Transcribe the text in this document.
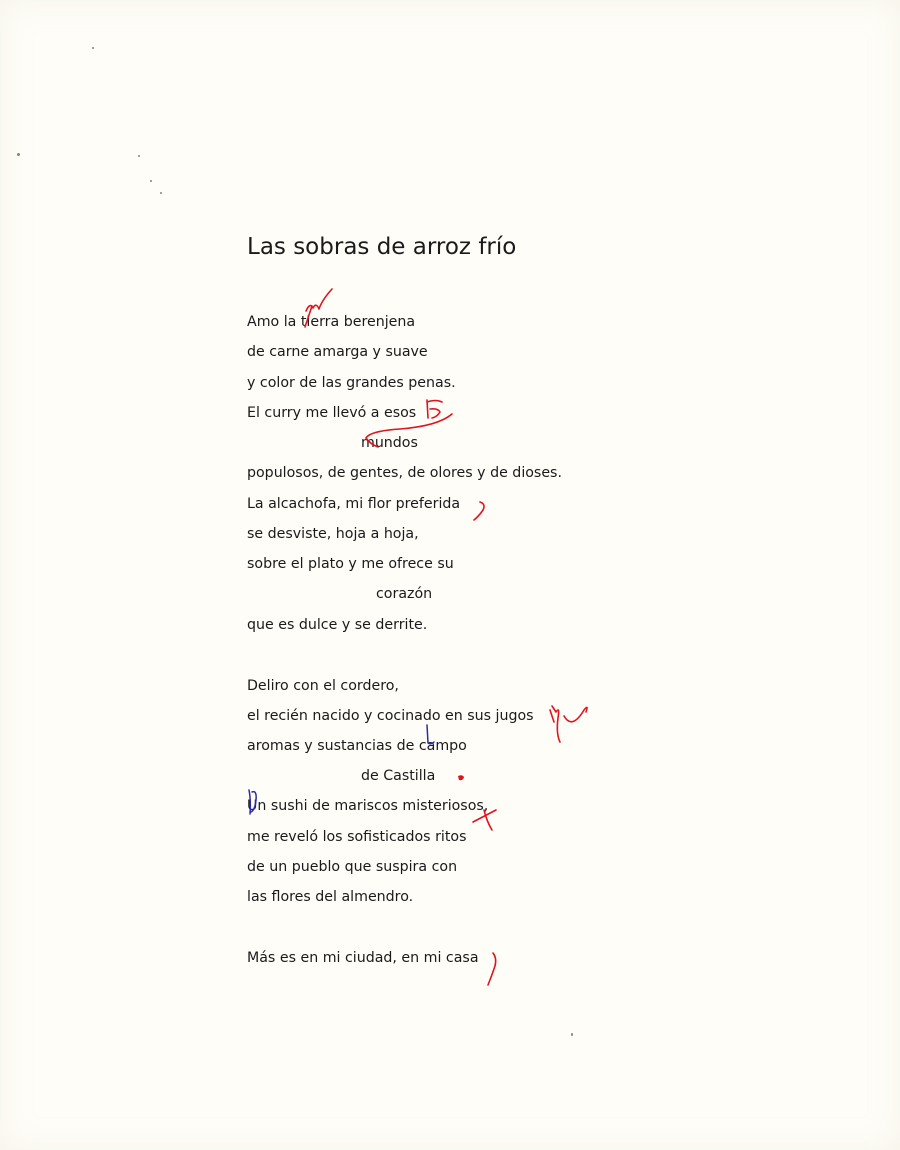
Las sobras de arroz frío
Amo la tierra berenjena
de carne amarga y suave
y color de las grandes penas.
El curry me llevó a esos
mundos
populosos, de gentes, de olores y de dioses.
La alcachofa, mi flor preferida
se desviste, hoja a hoja,
sobre el plato y me ofrece su
corazón
que es dulce y se derrite.
Deliro con el cordero,
el recién nacido y cocinado en sus jugos
aromas y sustancias de campo
de Castilla
Un sushi de mariscos misteriosos,
me reveló los sofisticados ritos
de un pueblo que suspira con
las flores del almendro.
Más es en mi ciudad, en mi casa
